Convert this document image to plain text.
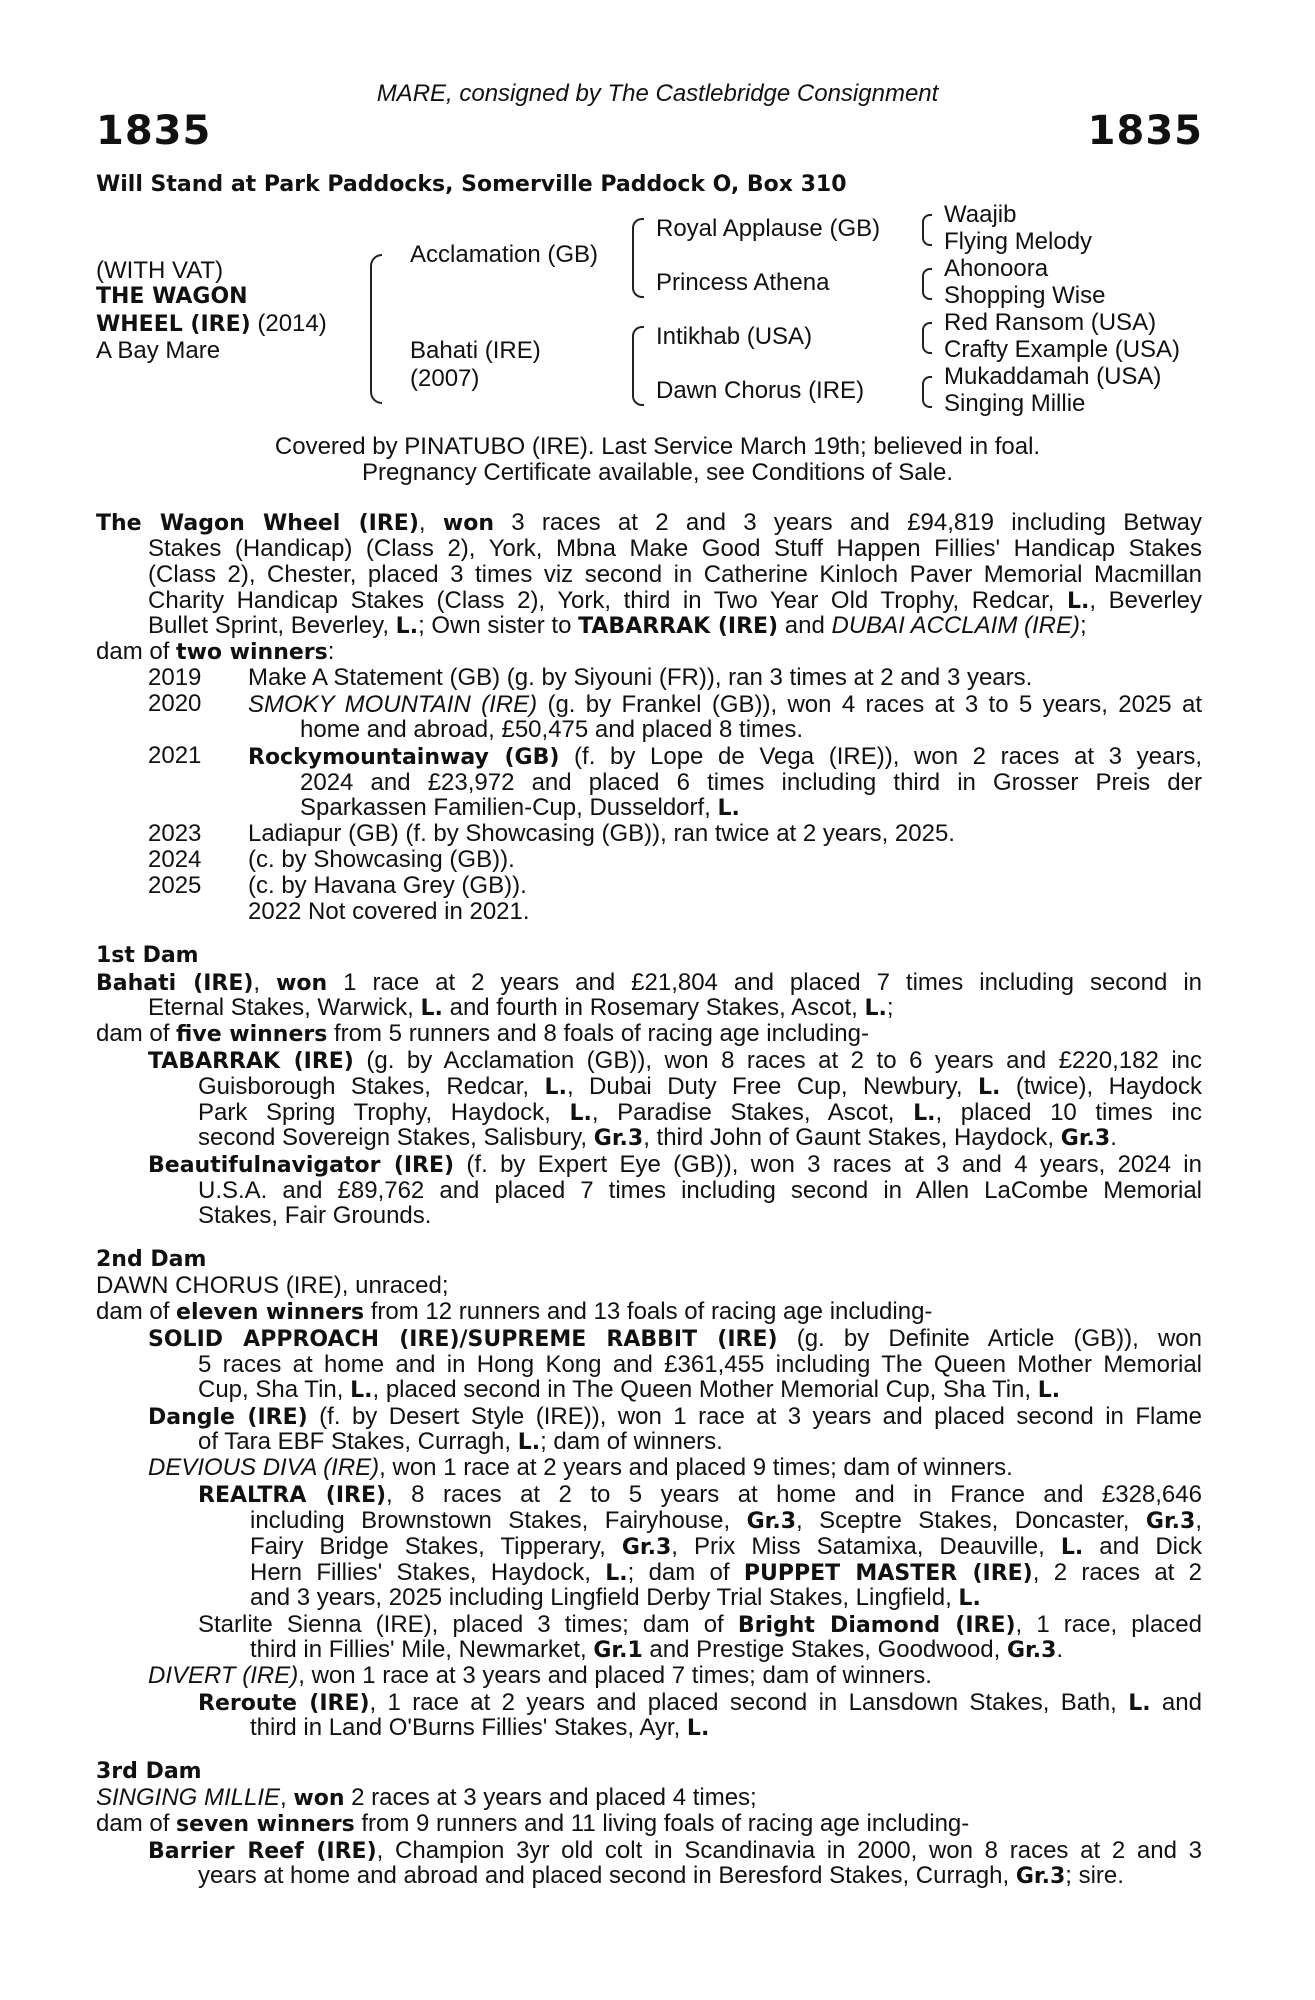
MARE, consigned by The Castlebridge Consignment
1835	1835
Will Stand at Park Paddocks, Somerville Paddock O, Box 310
(WITH VAT)
THE WAGON
WHEEL (IRE) (2014)
A Bay Mare
Acclamation (GB)
Bahati (IRE)
(2007)
Royal Applause (GB)
Princess Athena
Intikhab (USA)
Dawn Chorus (IRE)
Waajib
Flying Melody
Ahonoora
Shopping Wise
Red Ransom (USA)
Crafty Example (USA)
Mukaddamah (USA)
Singing Millie
Covered by PINATUBO (IRE). Last Service March 19th; believed in foal.
Pregnancy Certificate available, see Conditions of Sale.
The Wagon Wheel (IRE), won 3 races at 2 and 3 years and £94,819 including Betway
Stakes (Handicap) (Class 2), York, Mbna Make Good Stuff Happen Fillies' Handicap Stakes
(Class 2), Chester, placed 3 times viz second in Catherine Kinloch Paver Memorial Macmillan
Charity Handicap Stakes (Class 2), York, third in Two Year Old Trophy, Redcar, L., Beverley
Bullet Sprint, Beverley, L.; Own sister to TABARRAK (IRE) and DUBAI ACCLAIM (IRE);
dam of two winners:
2019 Make A Statement (GB) (g. by Siyouni (FR)), ran 3 times at 2 and 3 years.
2020 SMOKY MOUNTAIN (IRE) (g. by Frankel (GB)), won 4 races at 3 to 5 years, 2025 at
home and abroad, £50,475 and placed 8 times.
2021 Rockymountainway (GB) (f. by Lope de Vega (IRE)), won 2 races at 3 years,
2024 and £23,972 and placed 6 times including third in Grosser Preis der
Sparkassen Familien-Cup, Dusseldorf, L.
2023 Ladiapur (GB) (f. by Showcasing (GB)), ran twice at 2 years, 2025.
2024 (c. by Showcasing (GB)).
2025 (c. by Havana Grey (GB)).
2022 Not covered in 2021.
1st Dam
Bahati (IRE), won 1 race at 2 years and £21,804 and placed 7 times including second in
Eternal Stakes, Warwick, L. and fourth in Rosemary Stakes, Ascot, L.;
dam of five winners from 5 runners and 8 foals of racing age including-
TABARRAK (IRE) (g. by Acclamation (GB)), won 8 races at 2 to 6 years and £220,182 inc
Guisborough Stakes, Redcar, L., Dubai Duty Free Cup, Newbury, L. (twice), Haydock
Park Spring Trophy, Haydock, L., Paradise Stakes, Ascot, L., placed 10 times inc
second Sovereign Stakes, Salisbury, Gr.3, third John of Gaunt Stakes, Haydock, Gr.3.
Beautifulnavigator (IRE) (f. by Expert Eye (GB)), won 3 races at 3 and 4 years, 2024 in
U.S.A. and £89,762 and placed 7 times including second in Allen LaCombe Memorial
Stakes, Fair Grounds.
2nd Dam
DAWN CHORUS (IRE), unraced;
dam of eleven winners from 12 runners and 13 foals of racing age including-
SOLID APPROACH (IRE)/SUPREME RABBIT (IRE) (g. by Definite Article (GB)), won
5 races at home and in Hong Kong and £361,455 including The Queen Mother Memorial
Cup, Sha Tin, L., placed second in The Queen Mother Memorial Cup, Sha Tin, L.
Dangle (IRE) (f. by Desert Style (IRE)), won 1 race at 3 years and placed second in Flame
of Tara EBF Stakes, Curragh, L.; dam of winners.
DEVIOUS DIVA (IRE), won 1 race at 2 years and placed 9 times; dam of winners.
REALTRA (IRE), 8 races at 2 to 5 years at home and in France and £328,646
including Brownstown Stakes, Fairyhouse, Gr.3, Sceptre Stakes, Doncaster, Gr.3,
Fairy Bridge Stakes, Tipperary, Gr.3, Prix Miss Satamixa, Deauville, L. and Dick
Hern Fillies' Stakes, Haydock, L.; dam of PUPPET MASTER (IRE), 2 races at 2
and 3 years, 2025 including Lingfield Derby Trial Stakes, Lingfield, L.
Starlite Sienna (IRE), placed 3 times; dam of Bright Diamond (IRE), 1 race, placed
third in Fillies' Mile, Newmarket, Gr.1 and Prestige Stakes, Goodwood, Gr.3.
DIVERT (IRE), won 1 race at 3 years and placed 7 times; dam of winners.
Reroute (IRE), 1 race at 2 years and placed second in Lansdown Stakes, Bath, L. and
third in Land O'Burns Fillies' Stakes, Ayr, L.
3rd Dam
SINGING MILLIE, won 2 races at 3 years and placed 4 times;
dam of seven winners from 9 runners and 11 living foals of racing age including-
Barrier Reef (IRE), Champion 3yr old colt in Scandinavia in 2000, won 8 races at 2 and 3
years at home and abroad and placed second in Beresford Stakes, Curragh, Gr.3; sire.
